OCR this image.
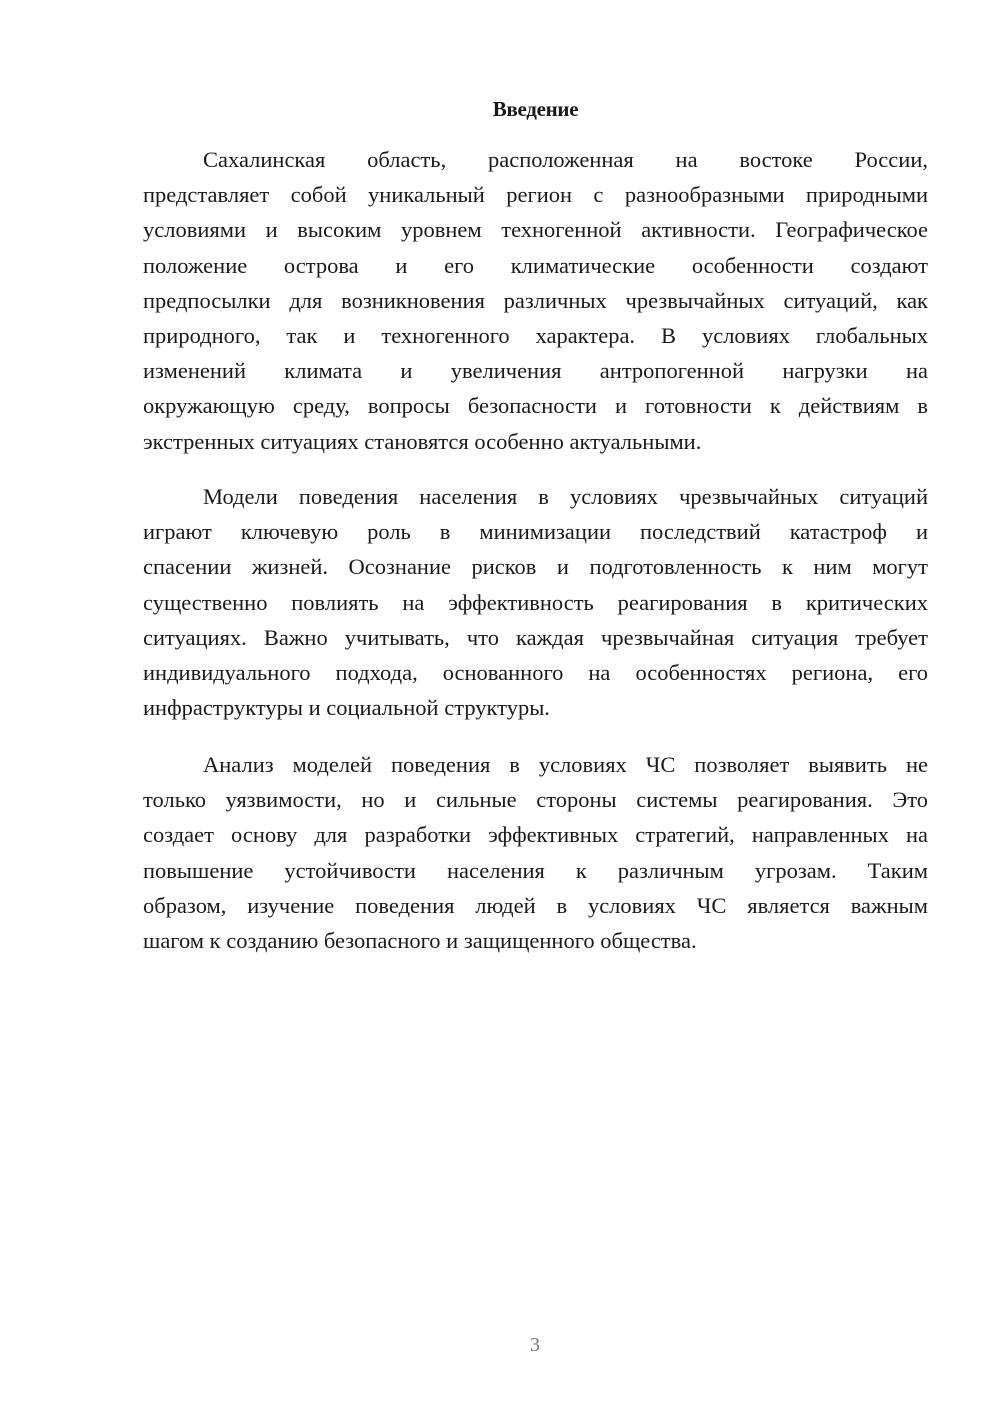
Введение
Сахалинская область, расположенная на востоке России,
представляет собой уникальный регион с разнообразными природными
условиями и высоким уровнем техногенной активности. Географическое
положение острова и его климатические особенности создают
предпосылки для возникновения различных чрезвычайных ситуаций, как
природного, так и техногенного характера. В условиях глобальных
изменений климата и увеличения антропогенной нагрузки на
окружающую среду, вопросы безопасности и готовности к действиям в
экстренных ситуациях становятся особенно актуальными.
Модели поведения населения в условиях чрезвычайных ситуаций
играют ключевую роль в минимизации последствий катастроф и
спасении жизней. Осознание рисков и подготовленность к ним могут
существенно повлиять на эффективность реагирования в критических
ситуациях. Важно учитывать, что каждая чрезвычайная ситуация требует
индивидуального подхода, основанного на особенностях региона, его
инфраструктуры и социальной структуры.
Анализ моделей поведения в условиях ЧС позволяет выявить не
только уязвимости, но и сильные стороны системы реагирования. Это
создает основу для разработки эффективных стратегий, направленных на
повышение устойчивости населения к различным угрозам. Таким
образом, изучение поведения людей в условиях ЧС является важным
шагом к созданию безопасного и защищенного общества.
3
